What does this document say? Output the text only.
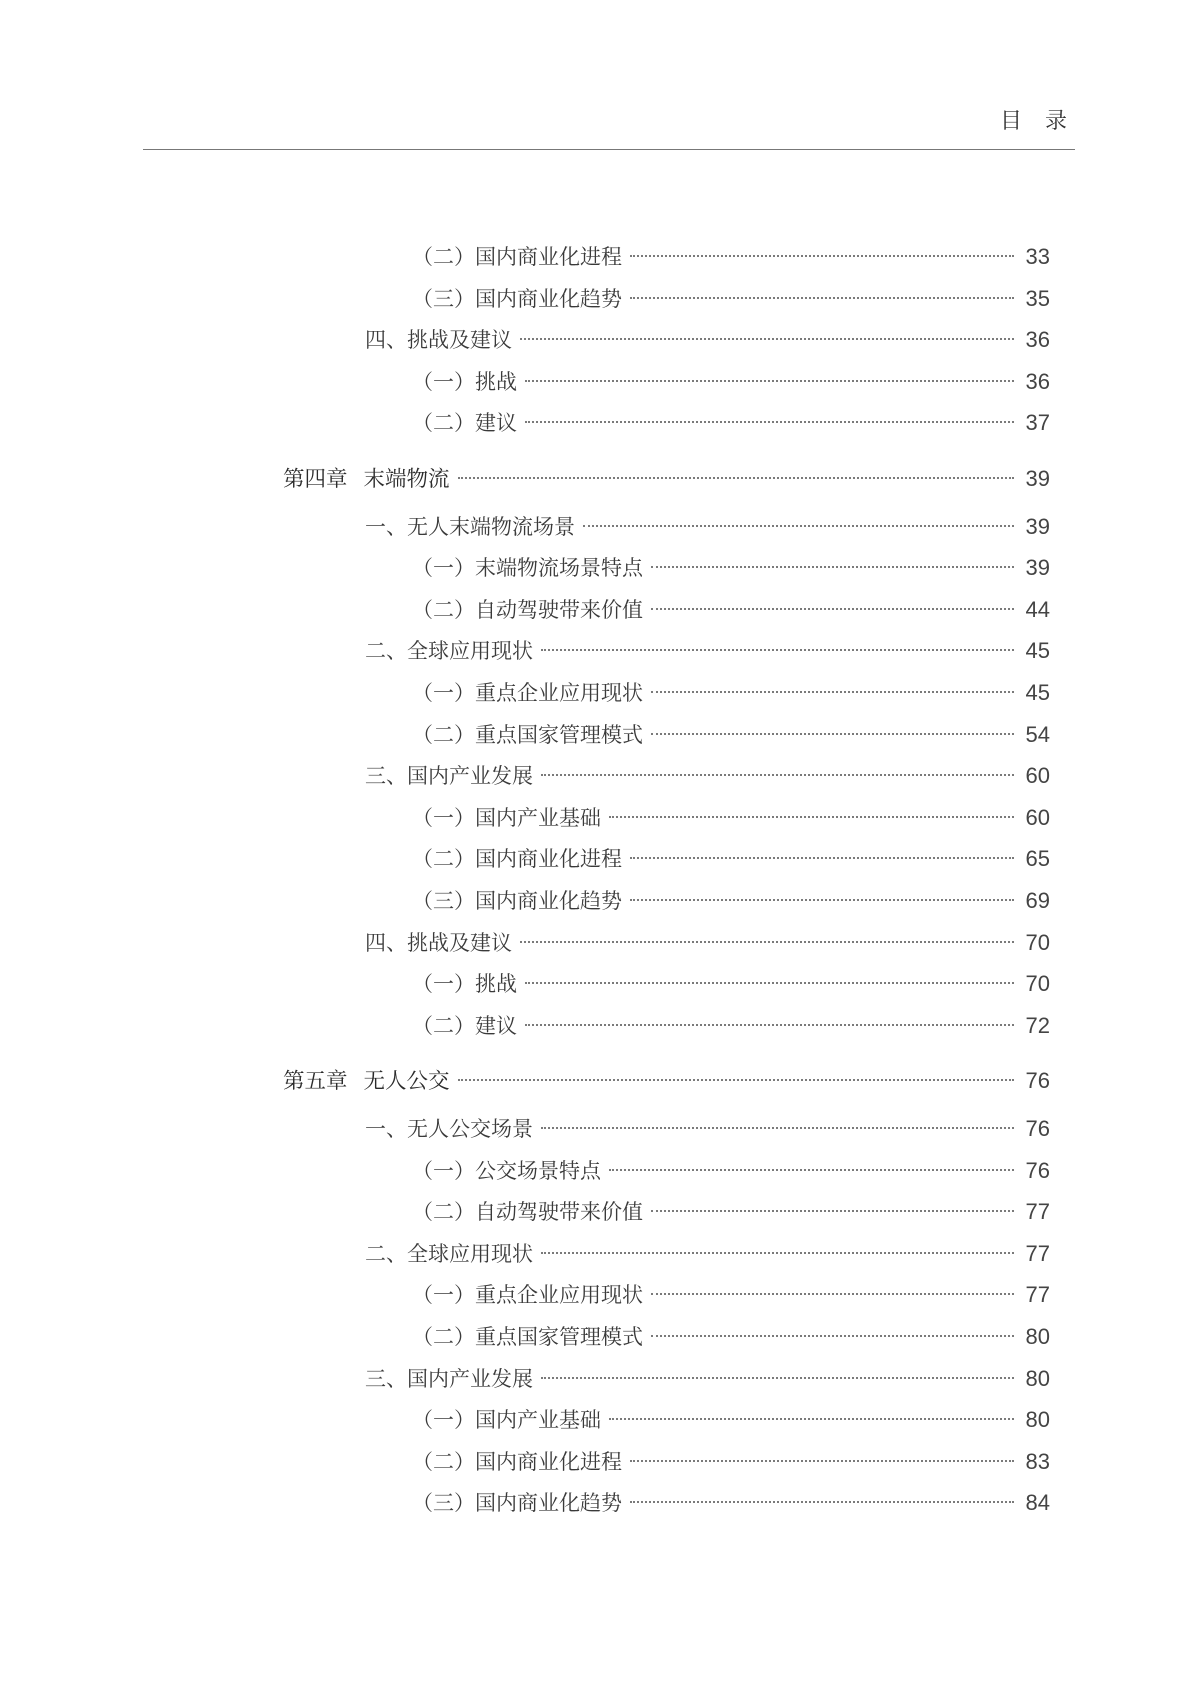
目 录
（二）国内商业化进程	33
（三）国内商业化趋势	35
四、挑战及建议	36
（一）挑战	36
（二）建议	37
第四章 末端物流	39
一、无人末端物流场景	39
（一）末端物流场景特点	39
（二）自动驾驶带来价值	44
二、全球应用现状	45
（一）重点企业应用现状	45
（二）重点国家管理模式	54
三、国内产业发展	60
（一）国内产业基础	60
（二）国内商业化进程	65
（三）国内商业化趋势	69
四、挑战及建议	70
（一）挑战	70
（二）建议	72
第五章 无人公交	76
一、无人公交场景	76
（一）公交场景特点	76
（二）自动驾驶带来价值	77
二、全球应用现状	77
（一）重点企业应用现状	77
（二）重点国家管理模式	80
三、国内产业发展	80
（一）国内产业基础	80
（二）国内商业化进程	83
（三）国内商业化趋势	84
